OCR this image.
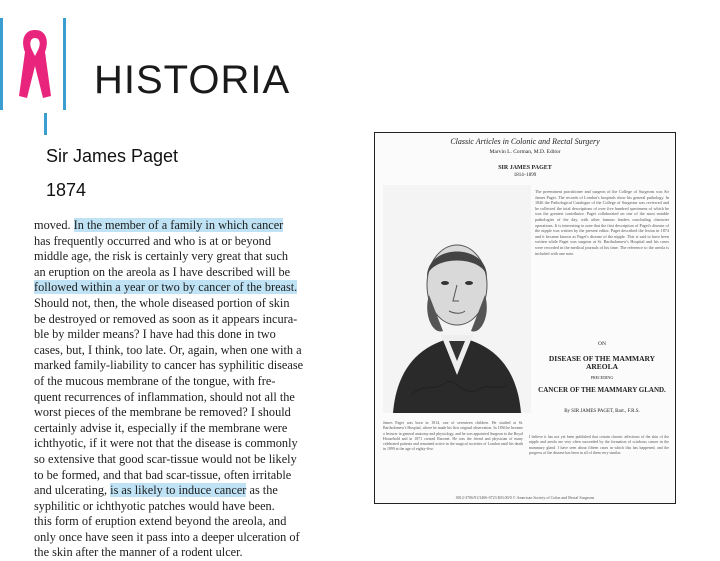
HISTORIA
Sir James Paget
1874

moved. In the member of a family in which cancer

has frequently occurred and who is at or beyond

middle age, the risk is certainly very great that such

an eruption on the areola as I have described will be

followed within a year or two by cancer of the breast.

Should not, then, the whole diseased portion of skin

be destroyed or removed as soon as it appears incura-

ble by milder means? I have had this done in two

cases, but, I think, too late. Or, again, when one with a

marked family-liability to cancer has syphilitic disease

of the mucous membrane of the tongue, with fre-

quent recurrences of inflammation, should not all the

worst pieces of the membrane be removed? I should

certainly advise it, especially if the membrane were

ichthyotic, if it were not that the disease is commonly

so extensive that good scar-tissue would not be likely

to be formed, and that bad scar-tissue, often irritable

and ulcerating, is as likely to induce cancer as the

syphilitic or ichthyotic patches would have been.

this form of eruption extend beyond the areola, and

only once have seen it pass into a deeper ulceration of

the skin after the manner of a rodent ulcer.

Classic Articles in Colonic and Rectal Surgery
Marvin L. Corman, M.D. Editor
SIR JAMES PAGET
1814–1899
The preeminent practitioner and surgeon of the College of Surgeons was Sir James Paget. The records of London's hospitals show his general pathology. In 1846 the Pathological Catalogue of the College of Surgeons was reviewed and he collected the total descriptions of over five hundred specimens of which he was the greatest contributor. Paget collaborated on one of the most notable pathologies of the day, with other famous leaders concluding character operations. It is interesting to note that the first description of Paget's disease of the nipple was written by the present editor. Paget described the lesion in 1874 and it became known as Paget's disease of the nipple. This is said to have been written while Paget was surgeon at St. Bartholomew's Hospital and his cases were recorded in the medical journals of his time. The reference to the areola is included with one note.
ON
DISEASE OF THE MAMMARY AREOLA
PRECEDING
CANCER OF THE MAMMARY GLAND.
By SIR JAMES PAGET, Bart., F.R.S.
James Paget was born in 1814, one of seventeen children. He studied at St. Bartholomew's Hospital, where he made his first original observation. In 1836 he became a lecturer in general anatomy and physiology, and he was appointed Surgeon to the Royal Household and in 1871 created Baronet. He was the friend and physician of many celebrated patients and remained active in the surgical societies of London until his death in 1899 at the age of eighty-five.
I believe it has not yet been published that certain chronic affections of the skin of the nipple and areola are very often succeeded by the formation of scirrhous cancer in the mammary gland. I have seen about fifteen cases in which this has happened, and the progress of the disease has been in all of them very similar.
0012-3706/91/3406-0723 $03.00/0 © American Society of Colon and Rectal Surgeons
